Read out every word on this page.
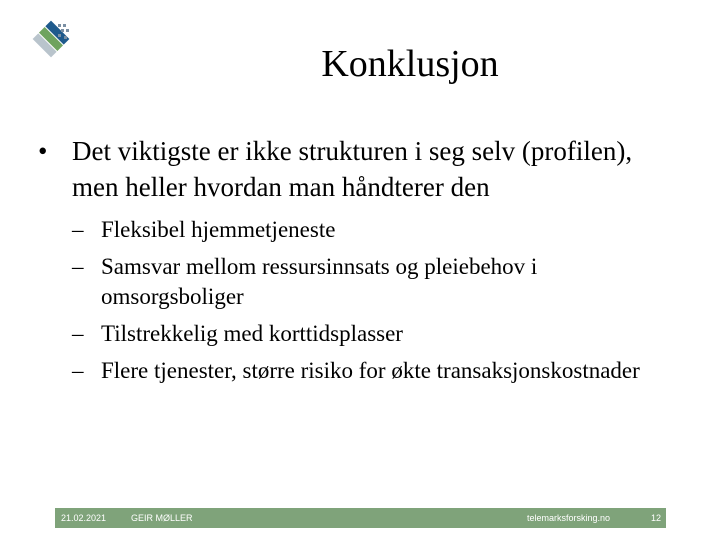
Konklusjon
• Det viktigste er ikke strukturen i seg selv (profilen), men heller hvordan man håndterer den
– Fleksibel hjemmetjeneste
– Samsvar mellom ressursinnsats og pleiebehov i omsorgsboliger
– Tilstrekkelig med korttidsplasser
– Flere tjenester, større risiko for økte transaksjonskostnader
21.02.2021	GEIR MØLLER	telemarksforsking.no	12
